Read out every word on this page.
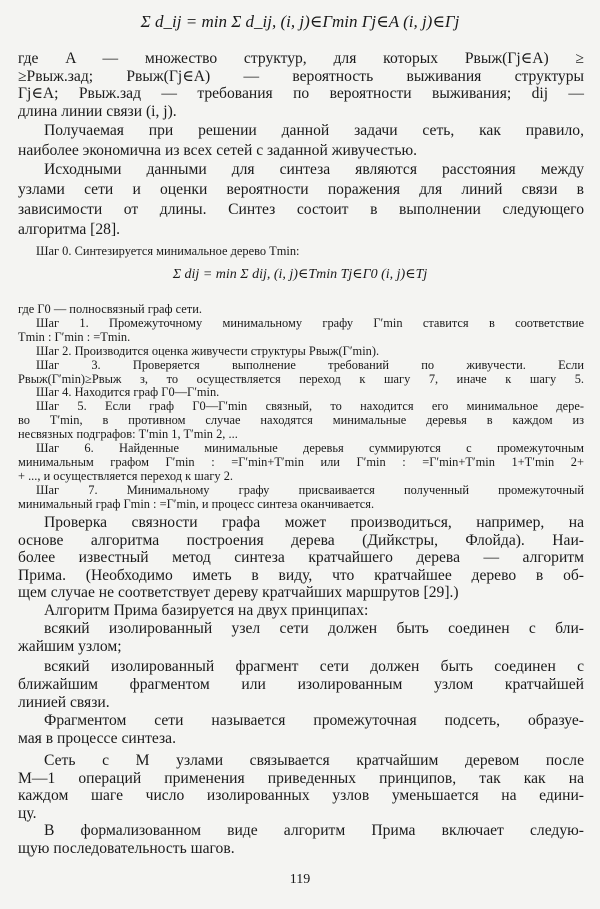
Σ d_ij = min Σ d_ij, (i, j)∈Γmin Γj∈A (i, j)∈Γj
где A — множество структур, для которых Pвыж(Γj∈A) ≥
≥Pвыж.зад; Pвыж(Γj∈A) — вероятность выживания структуры
Γj∈A; Pвыж.зад — требования по вероятности выживания; dij —
длина линии связи (i, j).
Получаемая при решении данной задачи сеть, как правило,
наиболее экономична из всех сетей с заданной живучестью.
Исходными данными для синтеза являются расстояния между
узлами сети и оценки вероятности поражения для линий связи в
зависимости от длины. Синтез состоит в выполнении следующего
алгоритма [28].
Шаг 0. Синтезируется минимальное дерево Tmin:
Σ dij = min Σ dij, (i, j)∈Tmin Tj∈Γ0 (i, j)∈Tj
где Γ0 — полносвязный граф сети.
Шаг 1. Промежуточному минимальному графу Γ′min ставится в соответствие
Tmin : Γ′min : =Tmin.
Шаг 2. Производится оценка живучести структуры Pвыж(Γ′min).
Шаг 3. Проверяется выполнение требований по живучести. Если
Pвыж(Γ′min)≥Pвыж з, то осуществляется переход к шагу 7, иначе к шагу 5.
Шаг 4. Находится граф Γ0—Γ′min.
Шаг 5. Если граф Γ0—Γ′min связный, то находится его минимальное дере-
во T′min, в противном случае находятся минимальные деревья в каждом из
несвязных подграфов: T′min 1, T′min 2, ...
Шаг 6. Найденные минимальные деревья суммируются с промежуточным
минимальным графом Γ′min : =Γ′min+T′min или Γ′min : =Γ′min+T′min 1+T′min 2+
+ ..., и осуществляется переход к шагу 2.
Шаг 7. Минимальному графу присваивается полученный промежуточный
минимальный граф Γmin : =Γ′min, и процесс синтеза оканчивается.
Проверка связности графа может производиться, например, на
основе алгоритма построения дерева (Дийкстры, Флойда). Наи-
более известный метод синтеза кратчайшего дерева — алгоритм
Прима. (Необходимо иметь в виду, что кратчайшее дерево в об-
щем случае не соответствует дереву кратчайших маршрутов [29].)
Алгоритм Прима базируется на двух принципах:
всякий изолированный узел сети должен быть соединен с бли-
жайшим узлом;
всякий изолированный фрагмент сети должен быть соединен с
ближайшим фрагментом или изолированным узлом кратчайшей
линией связи.
Фрагментом сети называется промежуточная подсеть, образуе-
мая в процессе синтеза.
Сеть с M узлами связывается кратчайшим деревом после
M—1 операций применения приведенных принципов, так как на
каждом шаге число изолированных узлов уменьшается на едини-
цу.
В формализованном виде алгоритм Прима включает следую-
щую последовательность шагов.
119
